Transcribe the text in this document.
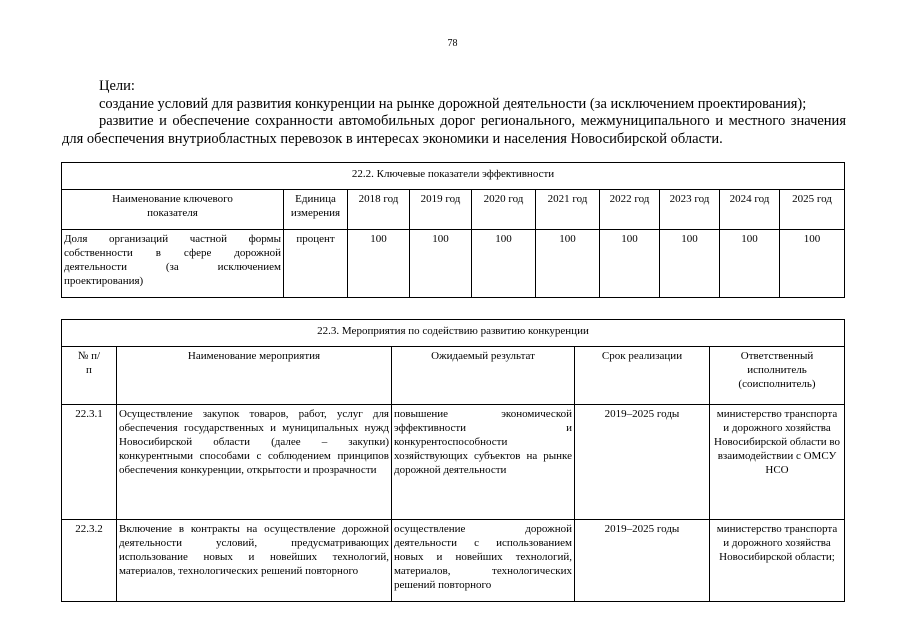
78

Цели:

создание условий для развития конкуренции на рынке дорожной деятельности (за исключением проектирования);

развитие и обеспечение сохранности автомобильных дорог регионального, межмуниципального и местного значения для обеспечения внутриобластных перевозок в интересах экономики и населения Новосибирской области.

22.2. Ключевые показатели эффективности									
Наименование ключевого показателя	Единица измерения	2018 год	2019 год	2020 год	2021 год	2022 год	2023 год	2024 год	2025 год
Доля организаций частной формы собственности в сфере дорожной деятельности (за исключением проектирования)	процент	100	100	100	100	100	100	100	100
22.3. Мероприятия по содействию развитию конкуренции				
№ п/п	Наименование мероприятия	Ожидаемый результат	Срок реализации	Ответственный исполнитель (соисполнитель)
22.3.1	Осуществление закупок товаров, работ, услуг для обеспечения государственных и муниципальных нужд Новосибирской области (далее – закупки) конкурентными способами с соблюдением принципов обеспечения конкуренции, открытости и прозрачности	повышение экономической эффективности и конкурентоспособности хозяйствующих субъектов на рынке дорожной деятельности	2019–2025 годы	министерство транспорта и дорожного хозяйства Новосибирской области во взаимодействии с ОМСУ НСО
22.3.2	Включение в контракты на осуществление дорожной деятельности условий, предусматривающих использование новых и новейших технологий, материалов, технологических решений повторного	осуществление дорожной деятельности с использованием новых и новейших технологий, материалов, технологических решений повторного	2019–2025 годы	министерство транспорта и дорожного хозяйства Новосибирской области;
